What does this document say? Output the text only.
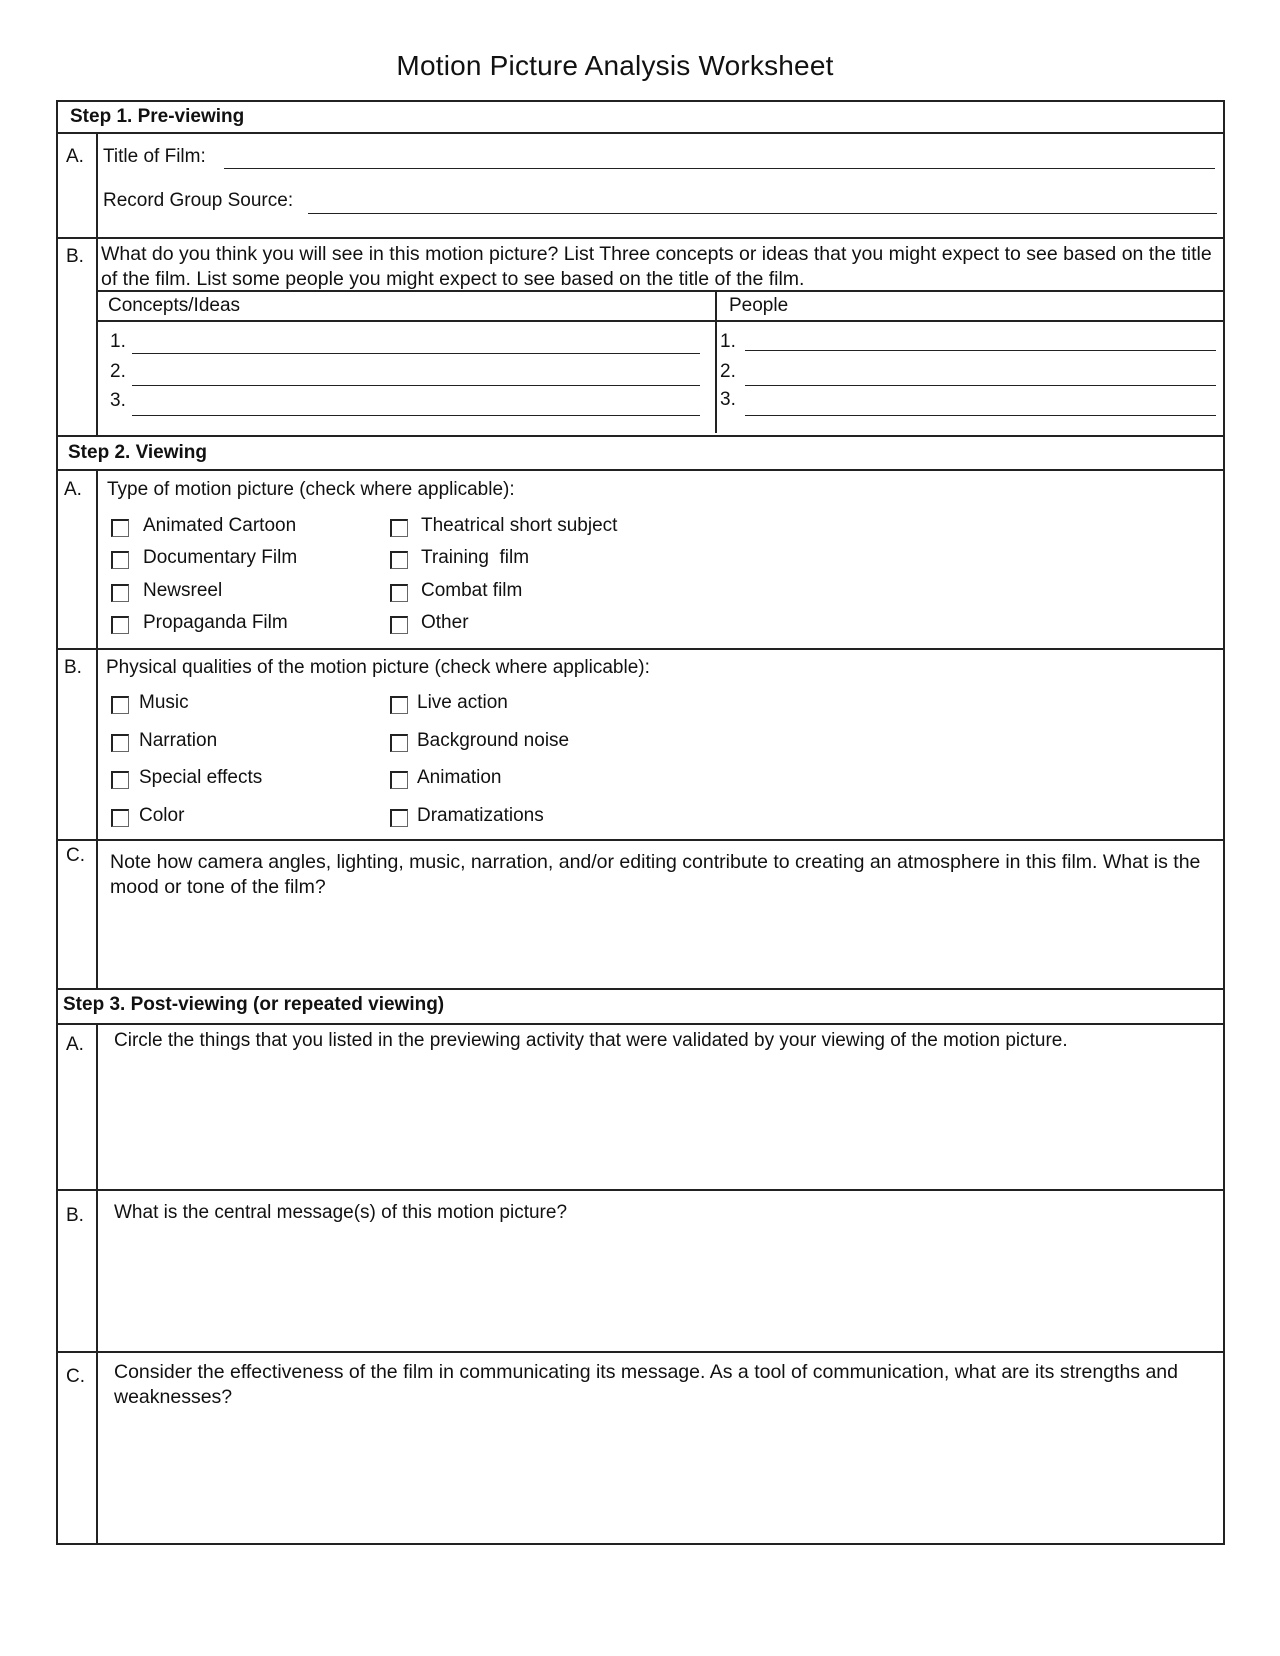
Motion Picture Analysis Worksheet
Step 1. Pre-viewing
A. Title of Film:
Record Group Source:
B. What do you think you will see in this motion picture? List Three concepts or ideas that you might expect to see based on the title of the film. List some people you might expect to see based on the title of the film.
Concepts/Ideas	People
1.
2.
3.
1.
2.
3.
Step 2. Viewing
A. Type of motion picture (check where applicable):
Animated Cartoon
Documentary Film
Newsreel
Propaganda Film
Theatrical short subject
Training  film
Combat film
Other
B. Physical qualities of the motion picture (check where applicable):
Music
Narration
Special effects
Color
Live action
Background noise
Animation
Dramatizations
C. Note how camera angles, lighting, music, narration, and/or editing contribute to creating an atmosphere in this film. What is the mood or tone of the film?
Step 3. Post-viewing (or repeated viewing)
A. Circle the things that you listed in the previewing activity that were validated by your viewing of the motion picture.
B. What is the central message(s) of this motion picture?
C. Consider the effectiveness of the film in communicating its message. As a tool of communication, what are its strengths and weaknesses?
